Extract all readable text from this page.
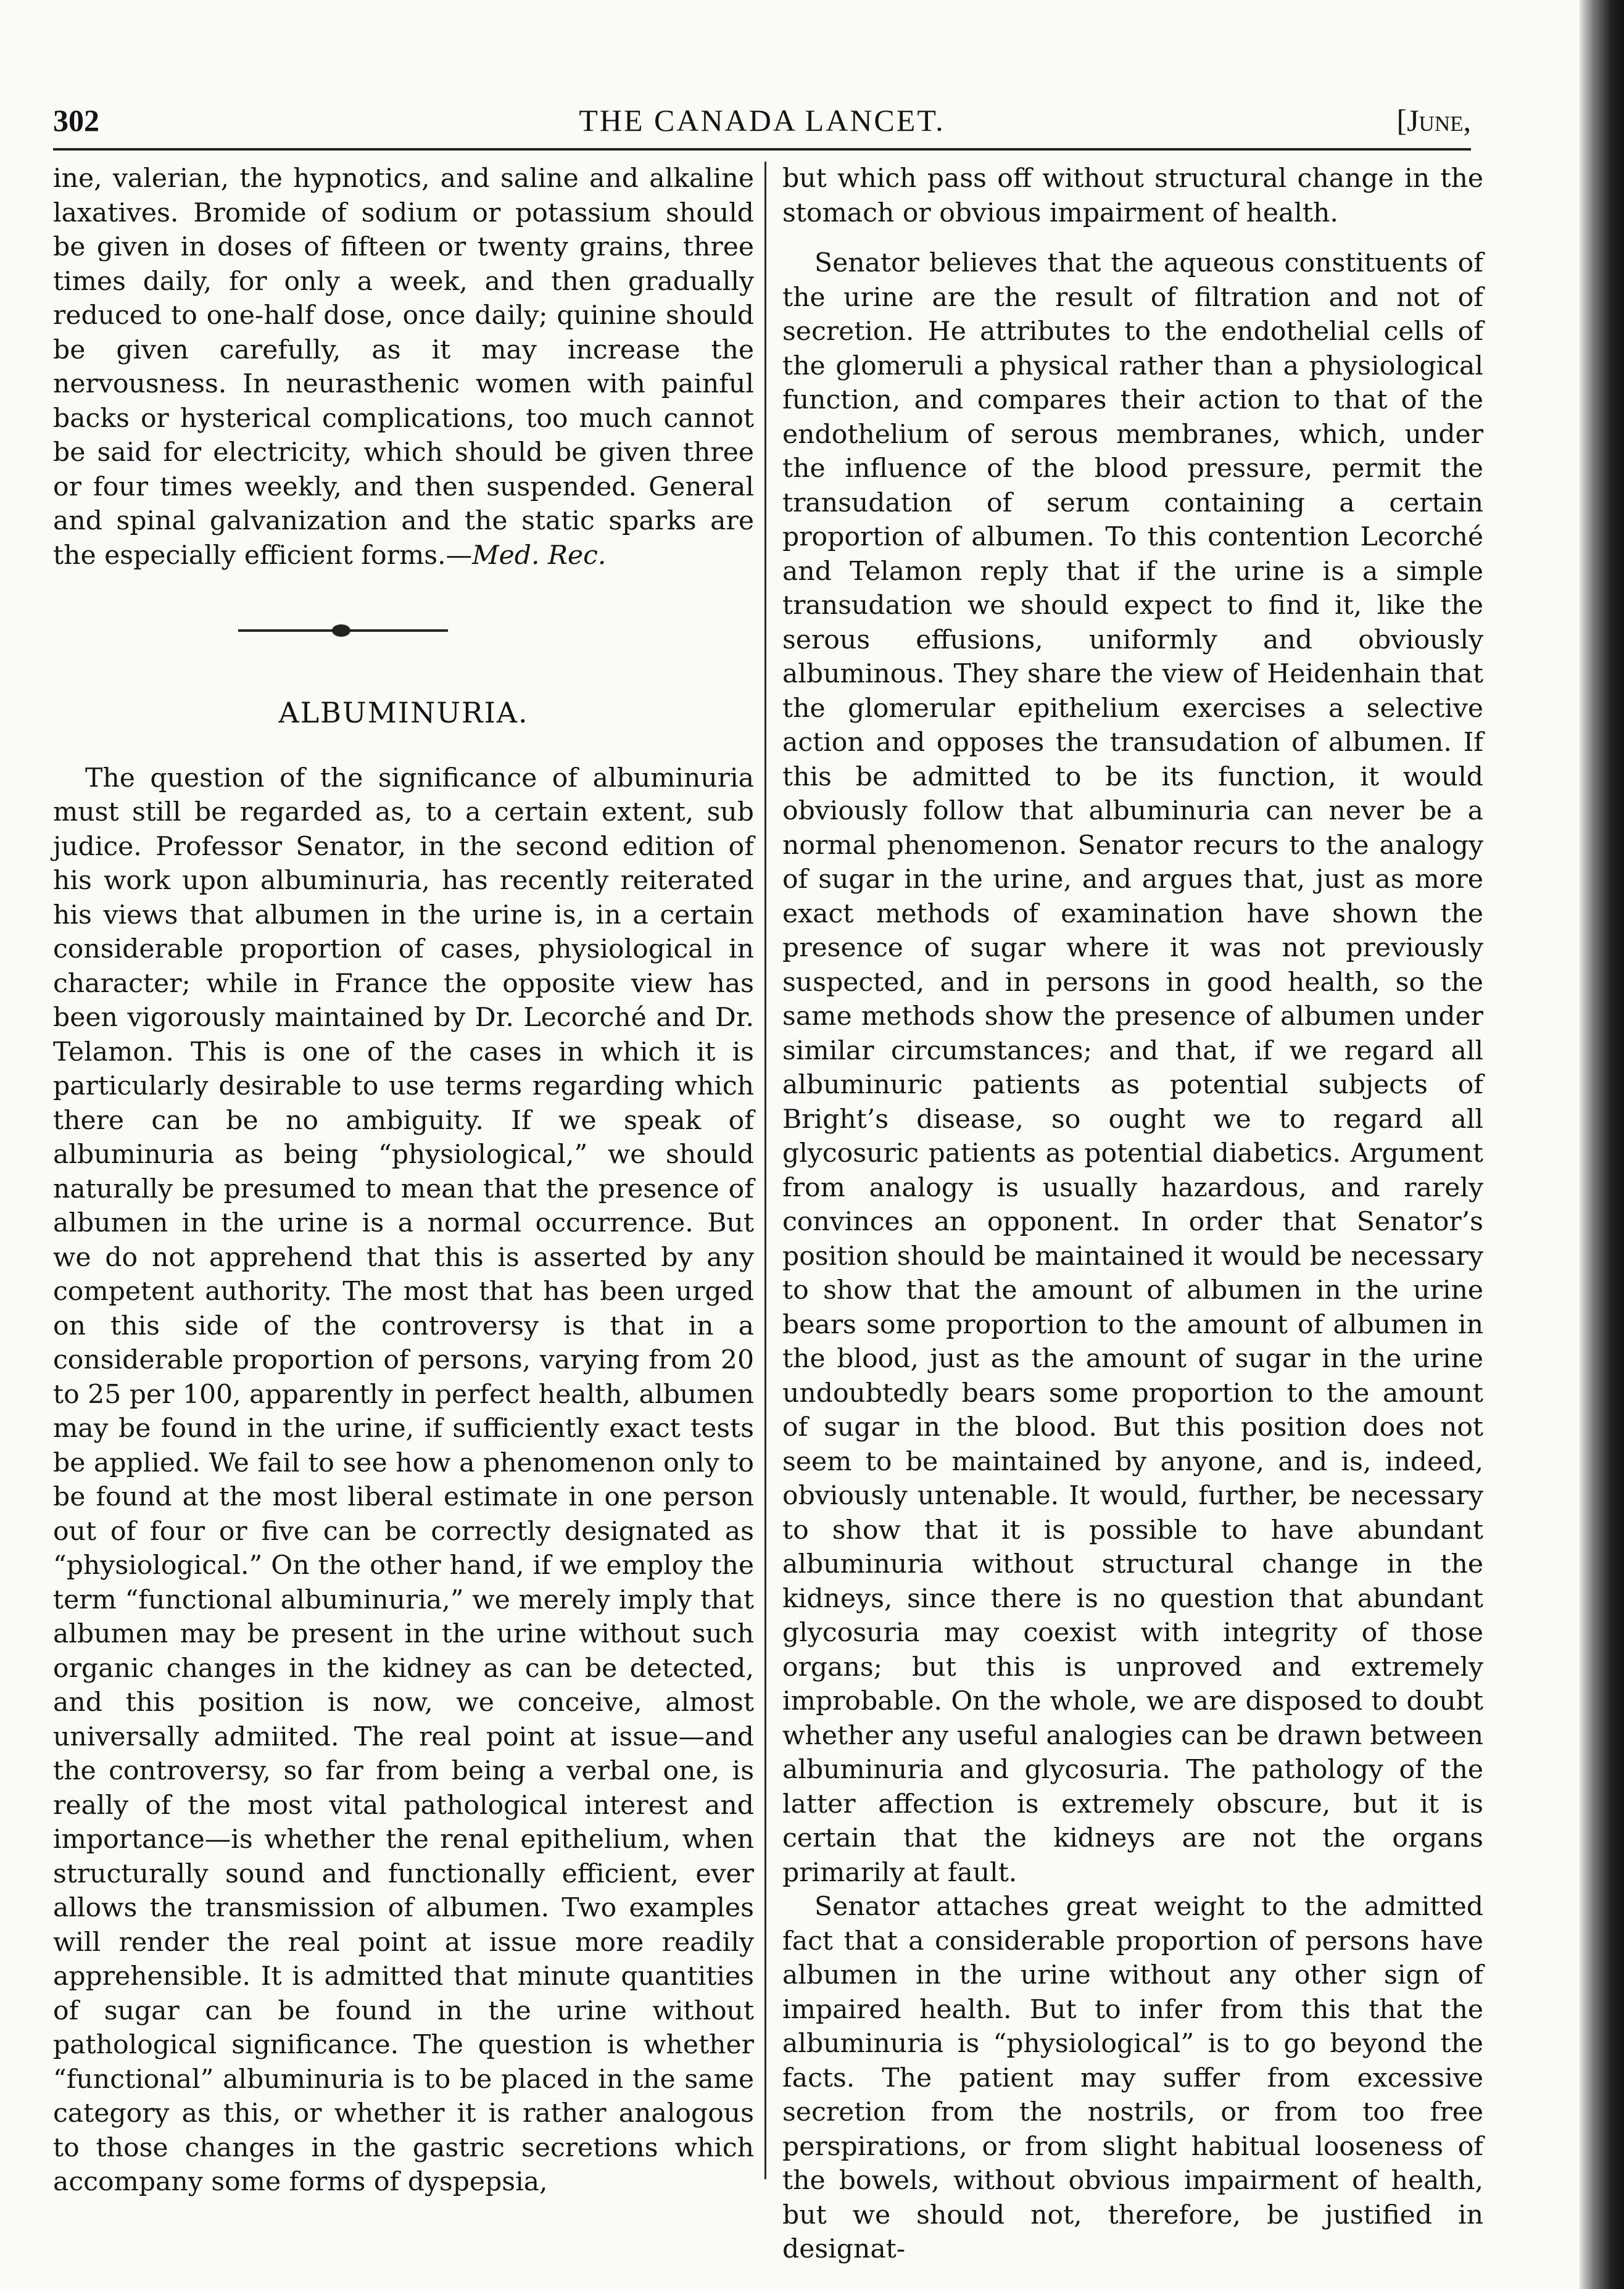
302	THE CANADA LANCET.	[June,

ine, valerian, the hypnotics, and saline and alkaline laxatives. Bromide of sodium or potassium should be given in doses of fifteen or twenty grains, three times daily, for only a week, and then gradually reduced to one-half dose, once daily; quinine should be given carefully, as it may increase the nervousness. In neurasthenic women with painful backs or hysterical complications, too much cannot be said for electricity, which should be given three or four times weekly, and then suspended. General and spinal galvanization and the static sparks are the especially efficient forms.—Med. Rec.

ALBUMINURIA.

The question of the significance of albuminuria must still be regarded as, to a certain extent, sub judice. Professor Senator, in the second edition of his work upon albuminuria, has recently reiterated his views that albumen in the urine is, in a certain considerable proportion of cases, physiological in character; while in France the opposite view has been vigorously maintained by Dr. Lecorché and Dr. Telamon. This is one of the cases in which it is particularly desirable to use terms regarding which there can be no ambiguity. If we speak of albuminuria as being “physiological,” we should naturally be presumed to mean that the presence of albumen in the urine is a normal occurrence. But we do not apprehend that this is asserted by any competent authority. The most that has been urged on this side of the controversy is that in a considerable proportion of persons, varying from 20 to 25 per 100, apparently in perfect health, albumen may be found in the urine, if sufficiently exact tests be applied. We fail to see how a phenomenon only to be found at the most liberal estimate in one person out of four or five can be correctly designated as “physiological.” On the other hand, if we employ the term “functional albuminuria,” we merely imply that albumen may be present in the urine without such organic changes in the kidney as can be detected, and this position is now, we conceive, almost universally admiited. The real point at issue—and the controversy, so far from being a verbal one, is really of the most vital pathological interest and importance—is whether the renal epithelium, when structurally sound and functionally efficient, ever allows the transmission of albumen. Two examples will render the real point at issue more readily apprehensible. It is admitted that minute quantities of sugar can be found in the urine without pathological significance. The question is whether “functional” albuminuria is to be placed in the same category as this, or whether it is rather analogous to those changes in the gastric secretions which accompany some forms of dyspepsia,

but which pass off without structural change in the stomach or obvious impairment of health.

Senator believes that the aqueous constituents of the urine are the result of filtration and not of secretion. He attributes to the endothelial cells of the glomeruli a physical rather than a physiological function, and compares their action to that of the endothelium of serous membranes, which, under the influence of the blood pressure, permit the transudation of serum containing a certain proportion of albumen. To this contention Lecorché and Telamon reply that if the urine is a simple transudation we should expect to find it, like the serous effusions, uniformly and obviously albuminous. They share the view of Heidenhain that the glomerular epithelium exercises a selective action and opposes the transudation of albumen. If this be admitted to be its function, it would obviously follow that albuminuria can never be a normal phenomenon. Senator recurs to the analogy of sugar in the urine, and argues that, just as more exact methods of examination have shown the presence of sugar where it was not previously suspected, and in persons in good health, so the same methods show the presence of albumen under similar circumstances; and that, if we regard all albuminuric patients as potential subjects of Bright’s disease, so ought we to regard all glycosuric patients as potential diabetics. Argument from analogy is usually hazardous, and rarely convinces an opponent. In order that Senator’s position should be maintained it would be necessary to show that the amount of albumen in the urine bears some proportion to the amount of albumen in the blood, just as the amount of sugar in the urine undoubtedly bears some proportion to the amount of sugar in the blood. But this position does not seem to be maintained by anyone, and is, indeed, obviously untenable. It would, further, be necessary to show that it is possible to have abundant albuminuria without structural change in the kidneys, since there is no question that abundant glycosuria may coexist with integrity of those organs; but this is unproved and extremely improbable. On the whole, we are disposed to doubt whether any useful analogies can be drawn between albuminuria and glycosuria. The pathology of the latter affection is extremely obscure, but it is certain that the kidneys are not the organs primarily at fault.

Senator attaches great weight to the admitted fact that a considerable proportion of persons have albumen in the urine without any other sign of impaired health. But to infer from this that the albuminuria is “physiological” is to go beyond the facts. The patient may suffer from excessive secretion from the nostrils, or from too free perspirations, or from slight habitual looseness of the bowels, without obvious impairment of health, but we should not, therefore, be justified in designat-
